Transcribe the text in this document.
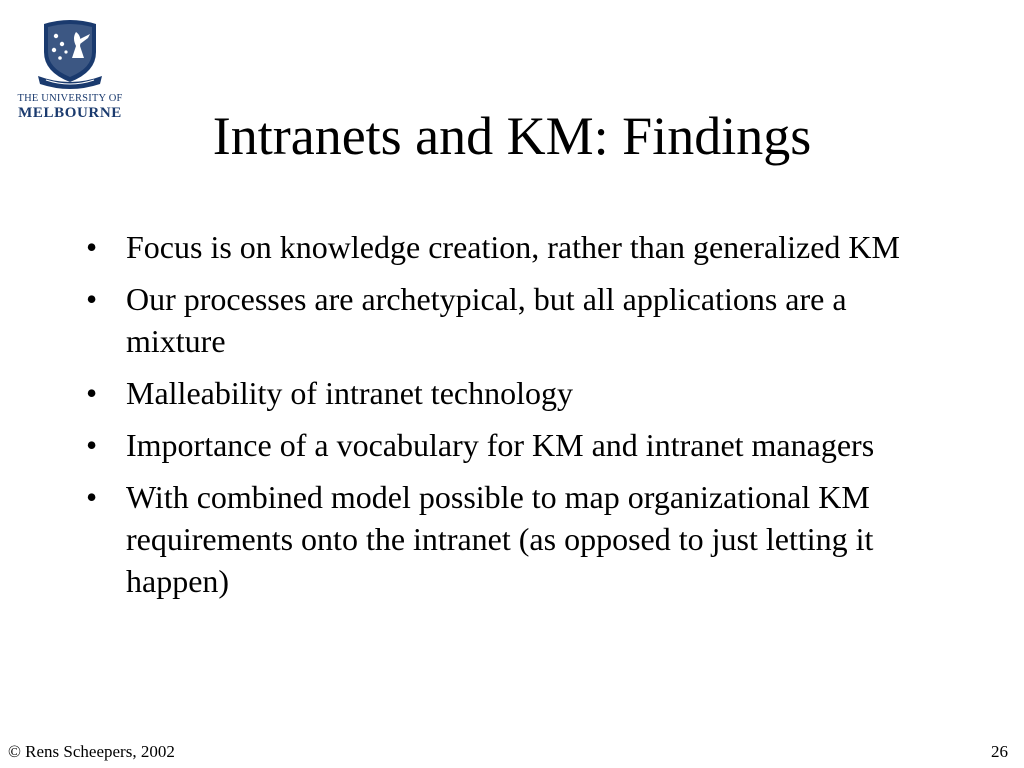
THE UNIVERSITY OF
MELBOURNE	Intranets and KM: Findings
• Focus is on knowledge creation, rather than generalized KM
• Our processes are archetypical, but all applications are a mixture
• Malleability of intranet technology
• Importance of a vocabulary for KM and intranet managers
• With combined model possible to map organizational KM requirements onto the intranet (as opposed to just letting it happen)
© Rens Scheepers, 2002	26
